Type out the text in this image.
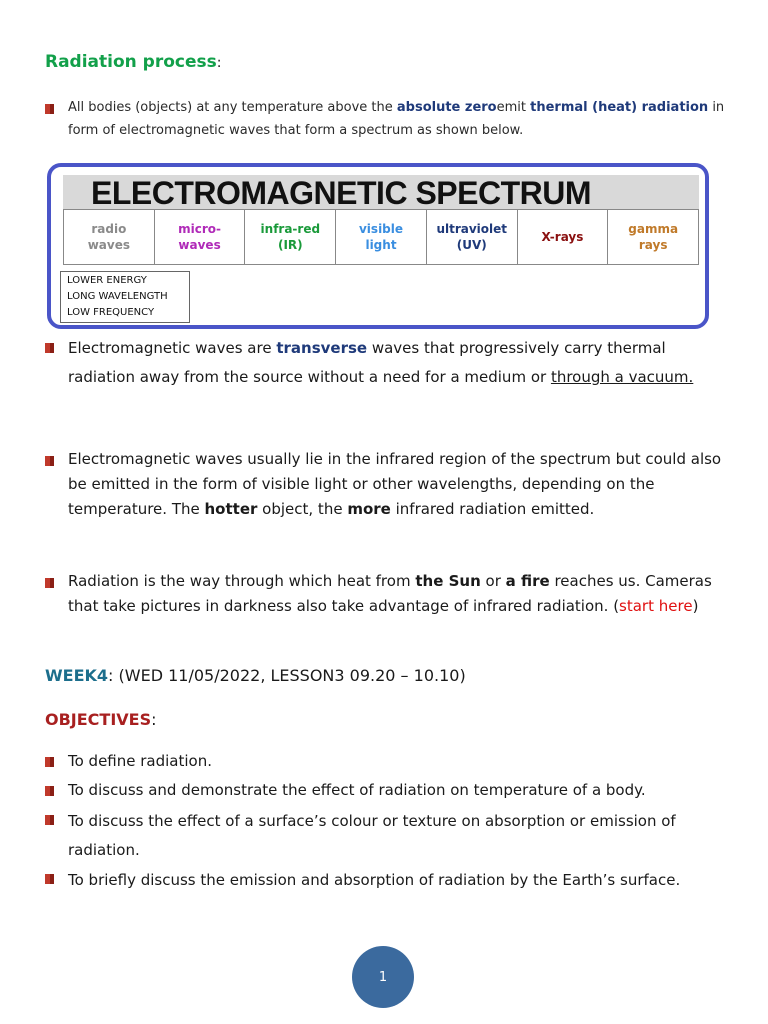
Radiation process:
All bodies (objects) at any temperature above the absolute zeroemit thermal (heat) radiation in form of electromagnetic waves that form a spectrum as shown below.
ELECTROMAGNETIC SPECTRUM
radio
waves
micro-
waves
infra-red
(IR)
visible
light
ultraviolet
(UV)
X-rays
gamma
rays
LOWER ENERGY
LONG WAVELENGTH
LOW FREQUENCY
Electromagnetic waves are transverse waves that progressively carry thermal radiation away from the source without a need for a medium or through a vacuum.
Electromagnetic waves usually lie in the infrared region of the spectrum but could also be emitted in the form of visible light or other wavelengths, depending on the temperature. The hotter object, the more infrared radiation emitted.
Radiation is the way through which heat from the Sun or a fire reaches us. Cameras that take pictures in darkness also take advantage of infrared radiation. (start here)
WEEK4: (WED 11/05/2022, LESSON3 09.20 – 10.10)
OBJECTIVES:
To define radiation.
To discuss and demonstrate the effect of radiation on temperature of a body.
To discuss the effect of a surface’s colour or texture on absorption or emission of radiation.
To briefly discuss the emission and absorption of radiation by the Earth’s surface.
1
